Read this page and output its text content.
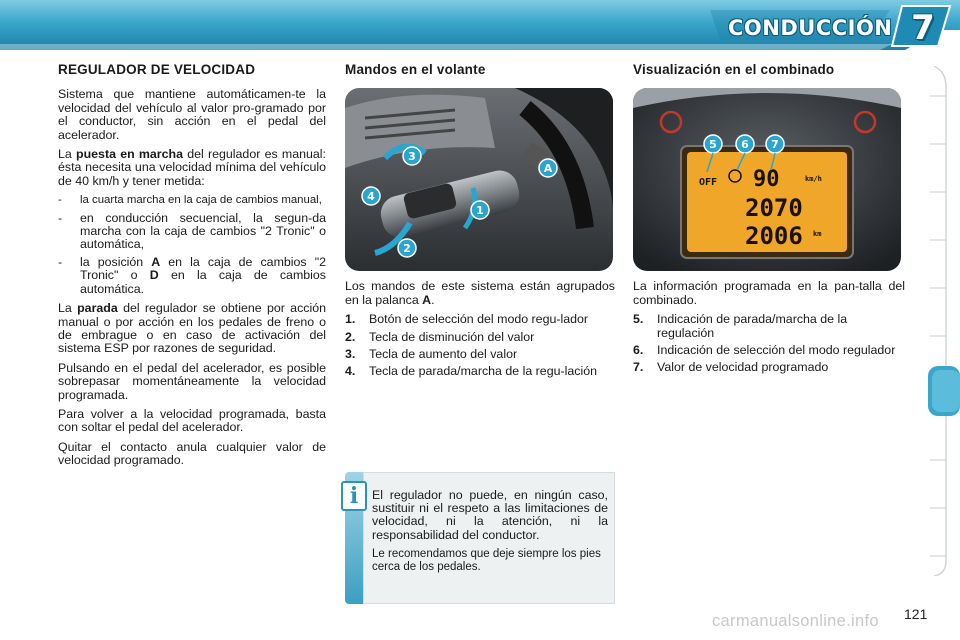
CONDUCCIÓN 7
REGULADOR DE VELOCIDAD

Sistema que mantiene automáticamen-te la velocidad del vehículo al valor pro-gramado por el conductor, sin acción en el pedal del acelerador.

La puesta en marcha del regulador es manual: ésta necesita una velocidad mínima del vehículo de 40 km/h y tener metida:

- la cuarta marcha en la caja de cambios manual,
- en conducción secuencial, la segun-da marcha con la caja de cambios "2 Tronic" o automática,
- la posición A en la caja de cambios "2 Tronic" o D en la caja de cambios automática.

La parada del regulador se obtiene por acción manual o por acción en los pedales de freno o de embrague o en caso de activación del sistema ESP por razones de seguridad.

Pulsando en el pedal del acelerador, es posible sobrepasar momentáneamente la velocidad programada.

Para volver a la velocidad programada, basta con soltar el pedal del acelerador.

Quitar el contacto anula cualquier valor de velocidad programado.

Mandos en el volante
3
4
A
1
2

Los mandos de este sistema están agrupados en la palanca A.

1. Botón de selección del modo regu-lador
2. Tecla de disminución del valor
3. Tecla de aumento del valor
4. Tecla de parada/marcha de la regu-lación
Visualización en el combinado
OFF 90	km/h
2070
2006 km
5 6 7

La información programada en la pan-talla del combinado.

5. Indicación de parada/marcha de la regulación
6. Indicación de selección del modo regulador
7. Valor de velocidad programado

El regulador no puede, en ningún caso, sustituir ni el respeto a las limitaciones de velocidad, ni la atención, ni la responsabilidad del conductor.

Le recomendamos que deje siempre los pies cerca de los pedales.

i
carmanualsonline.info 121
